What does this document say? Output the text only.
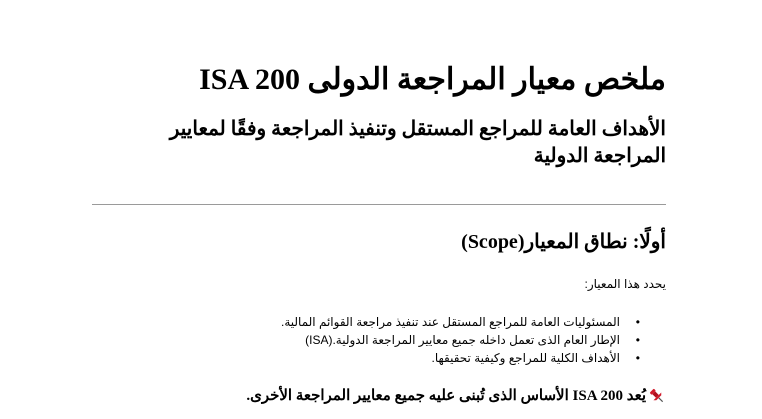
ملخص معيار المراجعة الدولى ISA 200
الأهداف العامة للمراجع المستقل وتنفيذ المراجعة وفقًا لمعايير المراجعة الدولية
أولًا: نطاق المعيار(Scope)

يحدد هذا المعيار:

•
المسئوليات العامة للمراجع المستقل عند تنفيذ مراجعة القوائم المالية.
•
الإطار العام الذى تعمل داخله جميع معايير المراجعة الدولية.(ISA)
•
الأهداف الكلية للمراجع وكيفية تحقيقها.

يُعد ISA 200 الأساس الذى تُبنى عليه جميع معايير المراجعة الأخرى.
